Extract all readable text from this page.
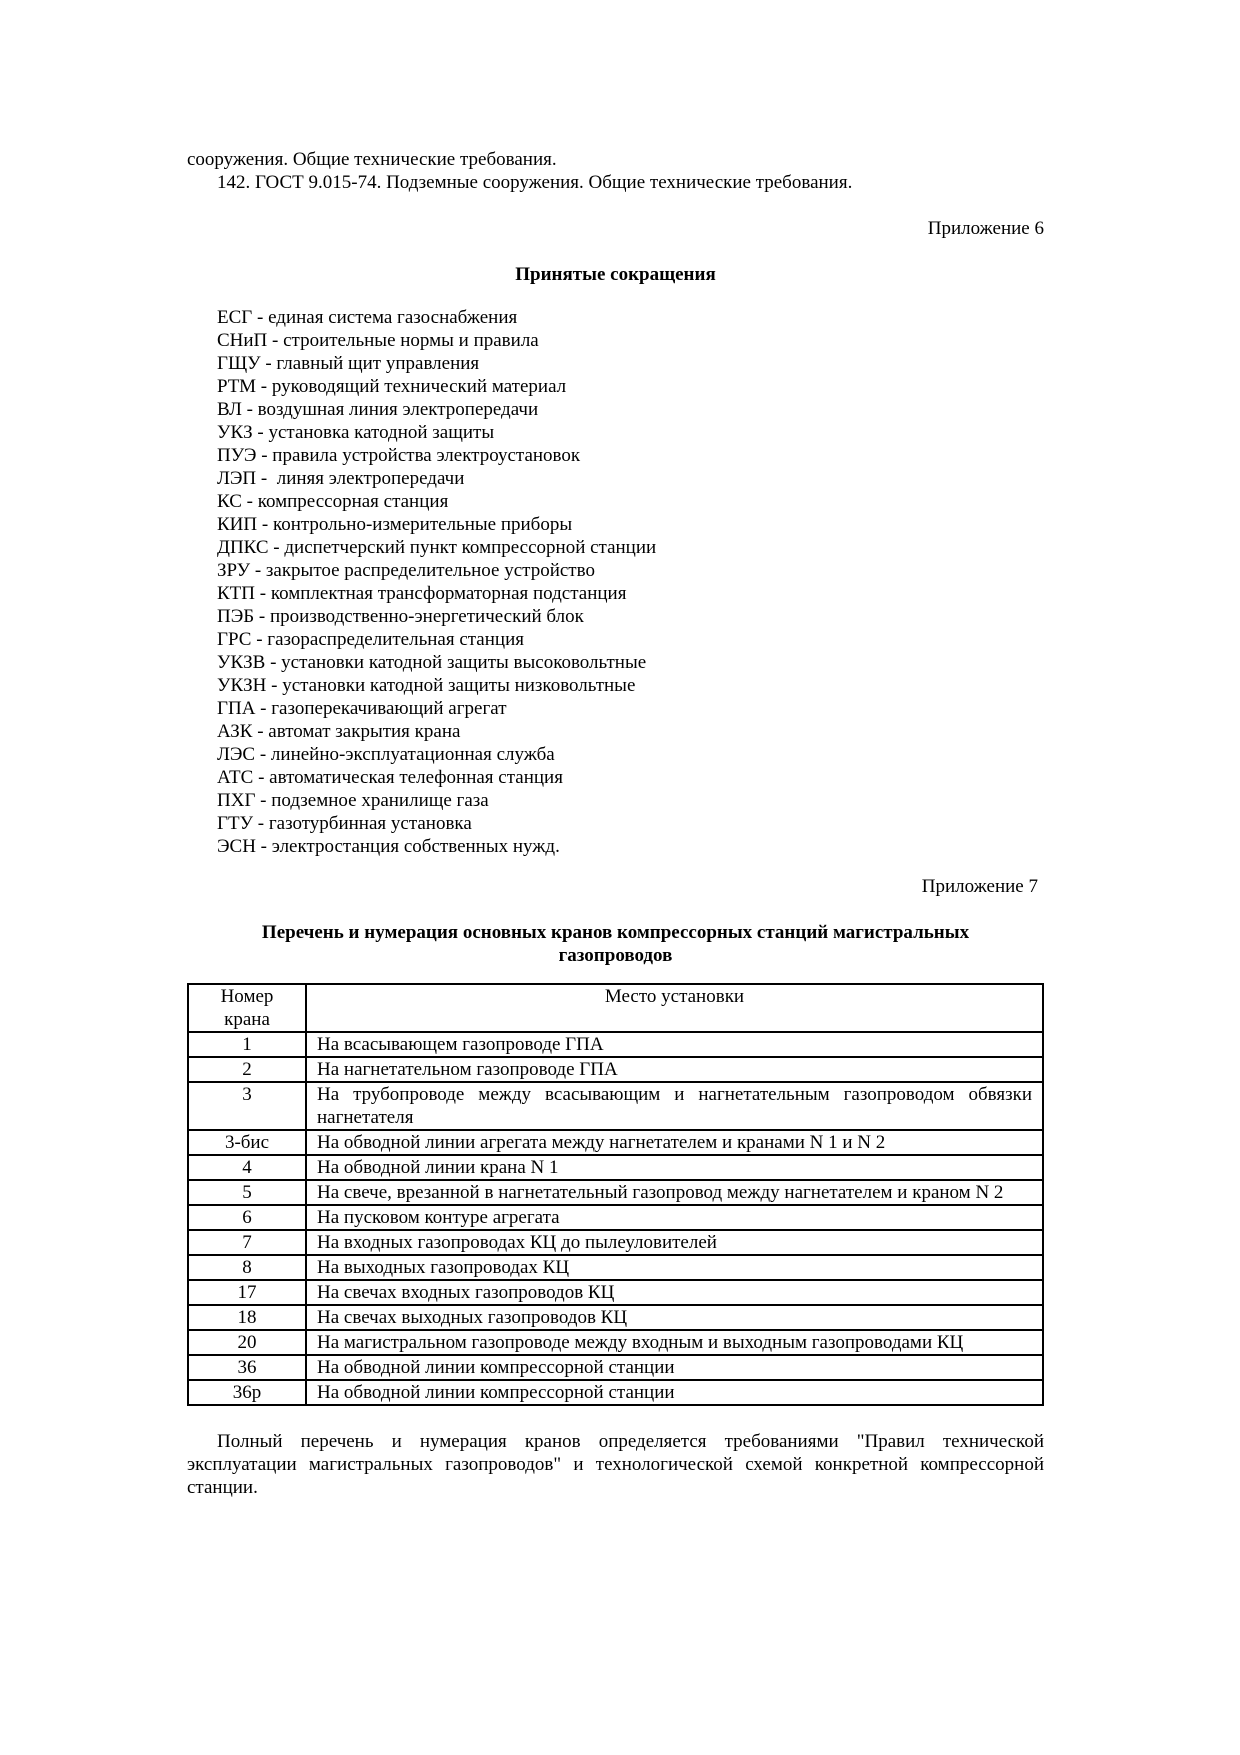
сооружения. Общие технические требования.
142. ГОСТ 9.015-74. Подземные сооружения. Общие технические требования.
Приложение 6
Принятые сокращения
ЕСГ - единая система газоснабжения
СНиП - строительные нормы и правила
ГЩУ - главный щит управления
РТМ - руководящий технический материал
ВЛ - воздушная линия электропередачи
УКЗ - установка катодной защиты
ПУЭ - правила устройства электроустановок
ЛЭП -  линяя электропередачи
КС - компрессорная станция
КИП - контрольно-измерительные приборы
ДПКС - диспетчерский пункт компрессорной станции
ЗРУ - закрытое распределительное устройство
КТП - комплектная трансформаторная подстанция
ПЭБ - производственно-энергетический блок
ГРС - газораспределительная станция
УКЗВ - установки катодной защиты высоковольтные
УКЗН - установки катодной защиты низковольтные
ГПА - газоперекачивающий агрегат
АЗК - автомат закрытия крана
ЛЭС - линейно-эксплуатационная служба
АТС - автоматическая телефонная станция
ПХГ - подземное хранилище газа
ГТУ - газотурбинная установка
ЭСН - электростанция собственных нужд.
Приложение 7
Перечень и нумерация основных кранов компрессорных станций магистральных
газопроводов
Номер
крана	Место установки
1	На всасывающем газопроводе ГПА
2	На нагнетательном газопроводе ГПА
3	На трубопроводе между всасывающим и нагнетательным газопроводом обвязки нагнетателя
3-бис	На обводной линии агрегата между нагнетателем и кранами N 1 и N 2
4	На обводной линии крана N 1
5	На свече, врезанной в нагнетательный газопровод между нагнетателем и краном N 2
6	На пусковом контуре агрегата
7	На входных газопроводах КЦ до пылеуловителей
8	На выходных газопроводах КЦ
17	На свечах входных газопроводов КЦ
18	На свечах выходных газопроводов КЦ
20	На магистральном газопроводе между входным и выходным газопроводами КЦ
36	На обводной линии компрессорной станции
36р	На обводной линии компрессорной станции
Полный перечень и нумерация кранов определяется требованиями "Правил технической эксплуатации магистральных газопроводов" и технологической схемой конкретной компрессорной станции.
